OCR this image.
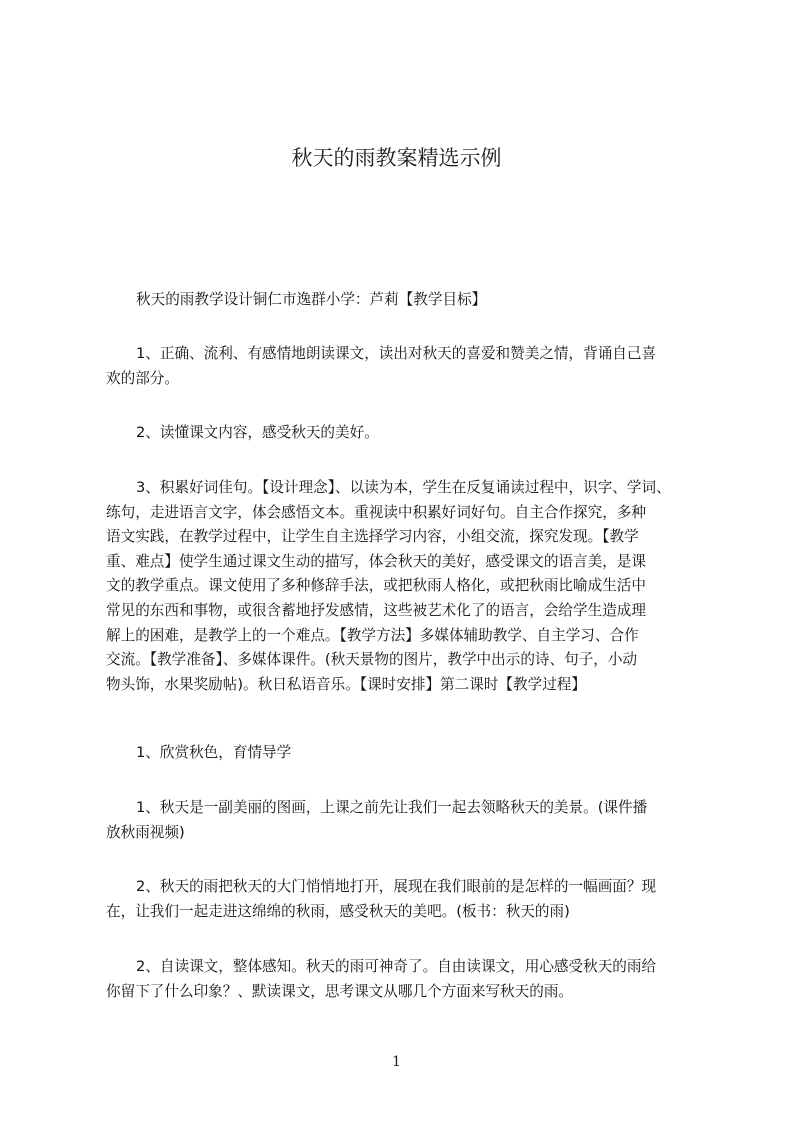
秋天的雨教案精选示例
秋天的雨教学设计铜仁市逸群小学：芦莉【教学目标】
1、正确、流利、有感情地朗读课文，读出对秋天的喜爱和赞美之情，背诵自己喜
欢的部分。
2、读懂课文内容，感受秋天的美好。
3、积累好词佳句。【设计理念】、以读为本，学生在反复诵读过程中，识字、学词、
练句，走进语言文字，体会感悟文本。重视读中积累好词好句。自主合作探究，多种
语文实践，在教学过程中，让学生自主选择学习内容，小组交流，探究发现。【教学
重、难点】使学生通过课文生动的描写，体会秋天的美好，感受课文的语言美，是课
文的教学重点。课文使用了多种修辞手法，或把秋雨人格化，或把秋雨比喻成生活中
常见的东西和事物，或很含蓄地抒发感情，这些被艺术化了的语言，会给学生造成理
解上的困难，是教学上的一个难点。【教学方法】多媒体辅助教学、自主学习、合作
交流。【教学准备】、多媒体课件。(秋天景物的图片，教学中出示的诗、句子，小动
物头饰，水果奖励帖)。秋日私语音乐。【课时安排】第二课时【教学过程】
1、欣赏秋色，育情导学
1、秋天是一副美丽的图画，上课之前先让我们一起去领略秋天的美景。(课件播
放秋雨视频)
2、秋天的雨把秋天的大门悄悄地打开，展现在我们眼前的是怎样的一幅画面？现
在，让我们一起走进这绵绵的秋雨，感受秋天的美吧。(板书：秋天的雨)
2、自读课文，整体感知。秋天的雨可神奇了。自由读课文，用心感受秋天的雨给
你留下了什么印象？、默读课文，思考课文从哪几个方面来写秋天的雨。
1
